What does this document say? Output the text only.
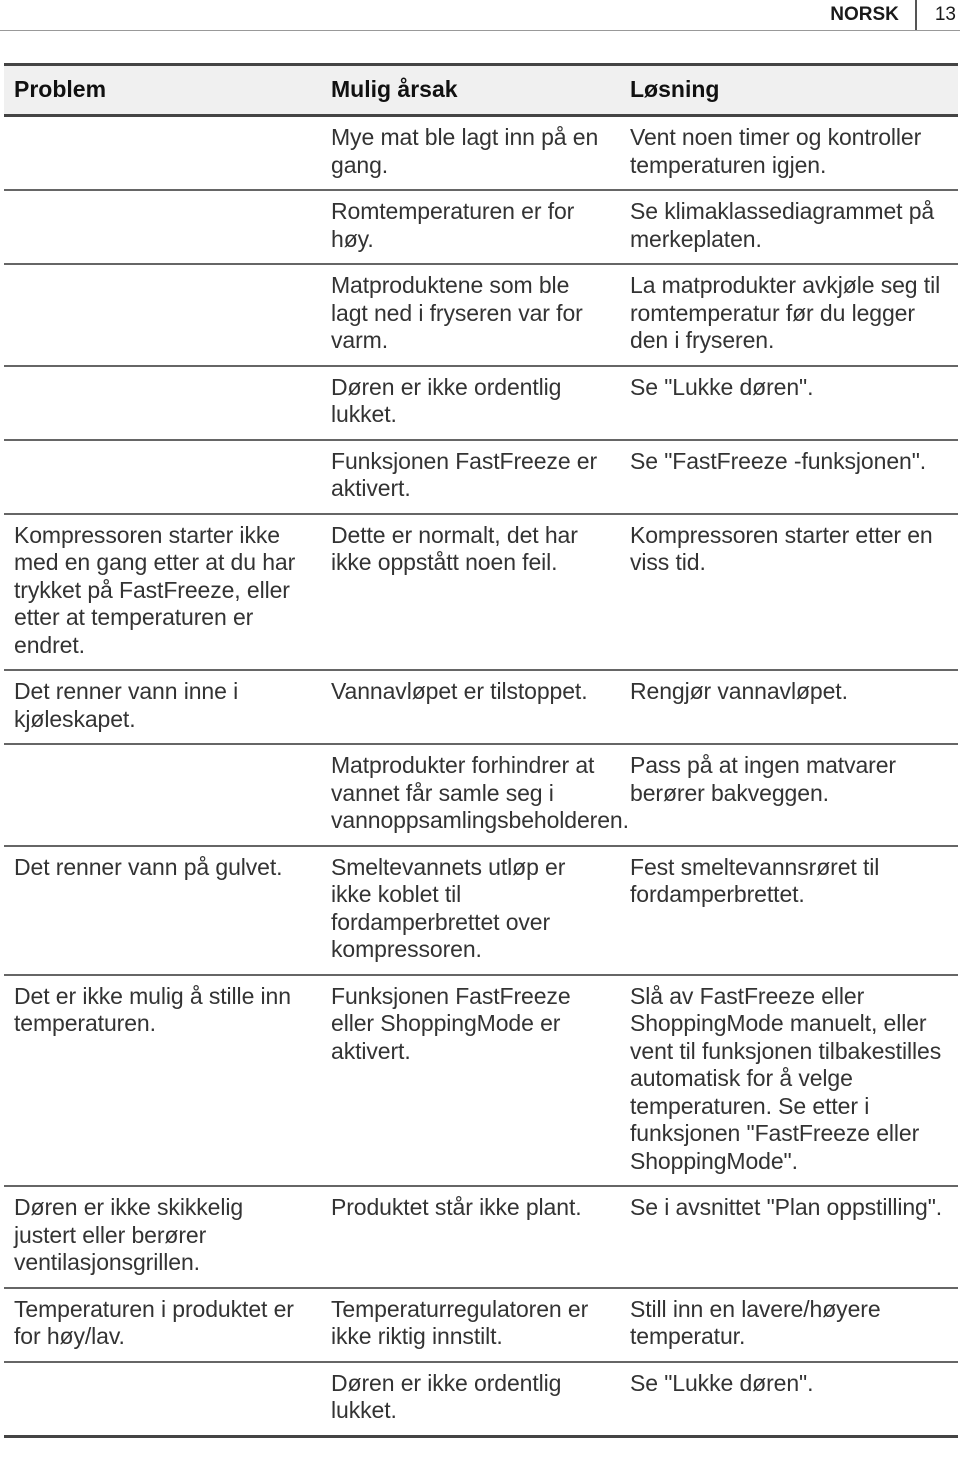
NORSK	13
Problem	Mulig årsak	Løsning
	Mye mat ble lagt inn på en gang.	Vent noen timer og kontroller temperaturen igjen.
	Romtemperaturen er for høy.	Se klimaklassediagrammet på merkeplaten.
	Matproduktene som ble lagt ned i fryseren var for varm.	La matprodukter avkjøle seg til romtemperatur før du legger den i fryseren.
	Døren er ikke ordentlig lukket.	Se "Lukke døren".
	Funksjonen FastFreeze er aktivert.	Se "FastFreeze -funksjonen".
Kompressoren starter ikke med en gang etter at du har trykket på FastFreeze, eller etter at temperaturen er endret.	Dette er normalt, det har ikke oppstått noen feil.	Kompressoren starter etter en viss tid.
Det renner vann inne i kjøleskapet.	Vannavløpet er tilstoppet.	Rengjør vannavløpet.
	Matprodukter forhindrer at vannet får samle seg i vannoppsamlingsbeholderen.	Pass på at ingen matvarer berører bakveggen.
Det renner vann på gulvet.	Smeltevannets utløp er ikke koblet til fordamperbrettet over kompressoren.	Fest smeltevannsrøret til fordamperbrettet.
Det er ikke mulig å stille inn temperaturen.	Funksjonen FastFreeze eller ShoppingMode er aktivert.	Slå av FastFreeze eller ShoppingMode manuelt, eller vent til funksjonen tilbakestilles automatisk for å velge temperaturen. Se etter i funksjonen "FastFreeze eller ShoppingMode".
Døren er ikke skikkelig justert eller berører ventilasjonsgrillen.	Produktet står ikke plant.	Se i avsnittet "Plan oppstilling".
Temperaturen i produktet er for høy/lav.	Temperaturregulatoren er ikke riktig innstilt.	Still inn en lavere/høyere temperatur.
	Døren er ikke ordentlig lukket.	Se "Lukke døren".
